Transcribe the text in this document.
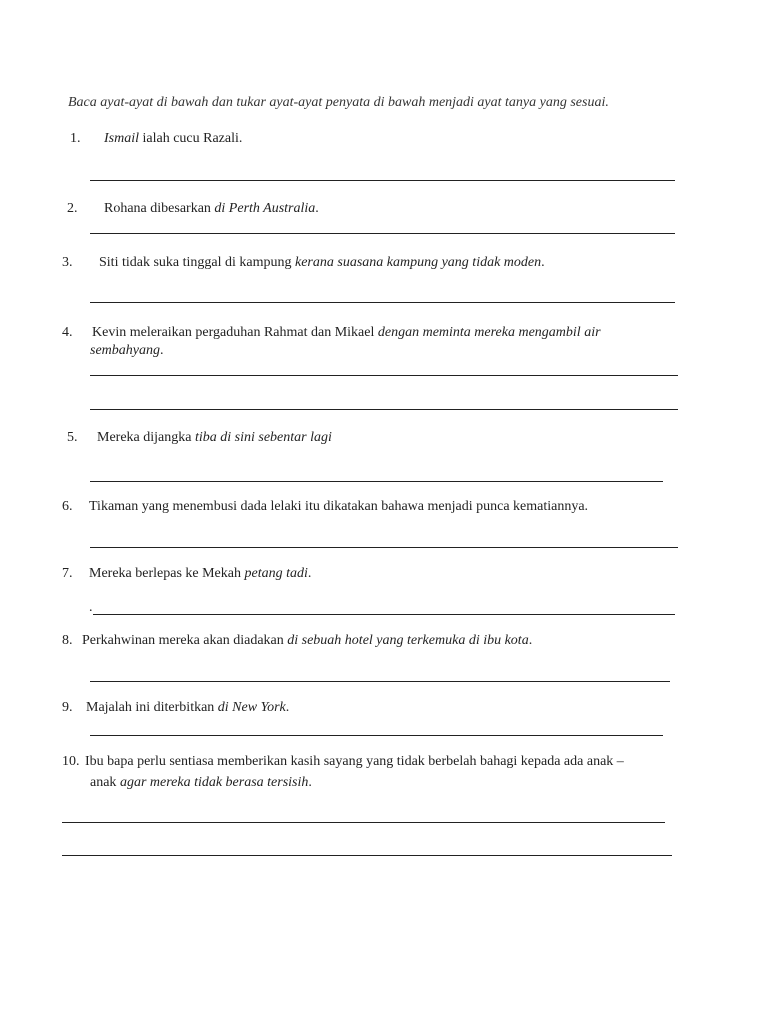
Baca ayat-ayat di bawah dan tukar ayat-ayat penyata di bawah menjadi ayat tanya yang sesuai.
1. Ismail ialah cucu Razali.
2. Rohana dibesarkan di Perth Australia.
3. Siti tidak suka tinggal di kampung kerana suasana kampung yang tidak moden.
4. Kevin meleraikan pergaduhan Rahmat dan Mikael dengan meminta mereka mengambil air
sembahyang.
5. Mereka dijangka tiba di sini sebentar lagi
6. Tikaman yang menembusi dada lelaki itu dikatakan bahawa menjadi punca kematiannya.
7. Mereka berlepas ke Mekah petang tadi.
.
8. Perkahwinan mereka akan diadakan di sebuah hotel yang terkemuka di ibu kota.
9. Majalah ini diterbitkan di New York.
10. Ibu bapa perlu sentiasa memberikan kasih sayang yang tidak berbelah bahagi kepada ada anak –
anak agar mereka tidak berasa tersisih.
